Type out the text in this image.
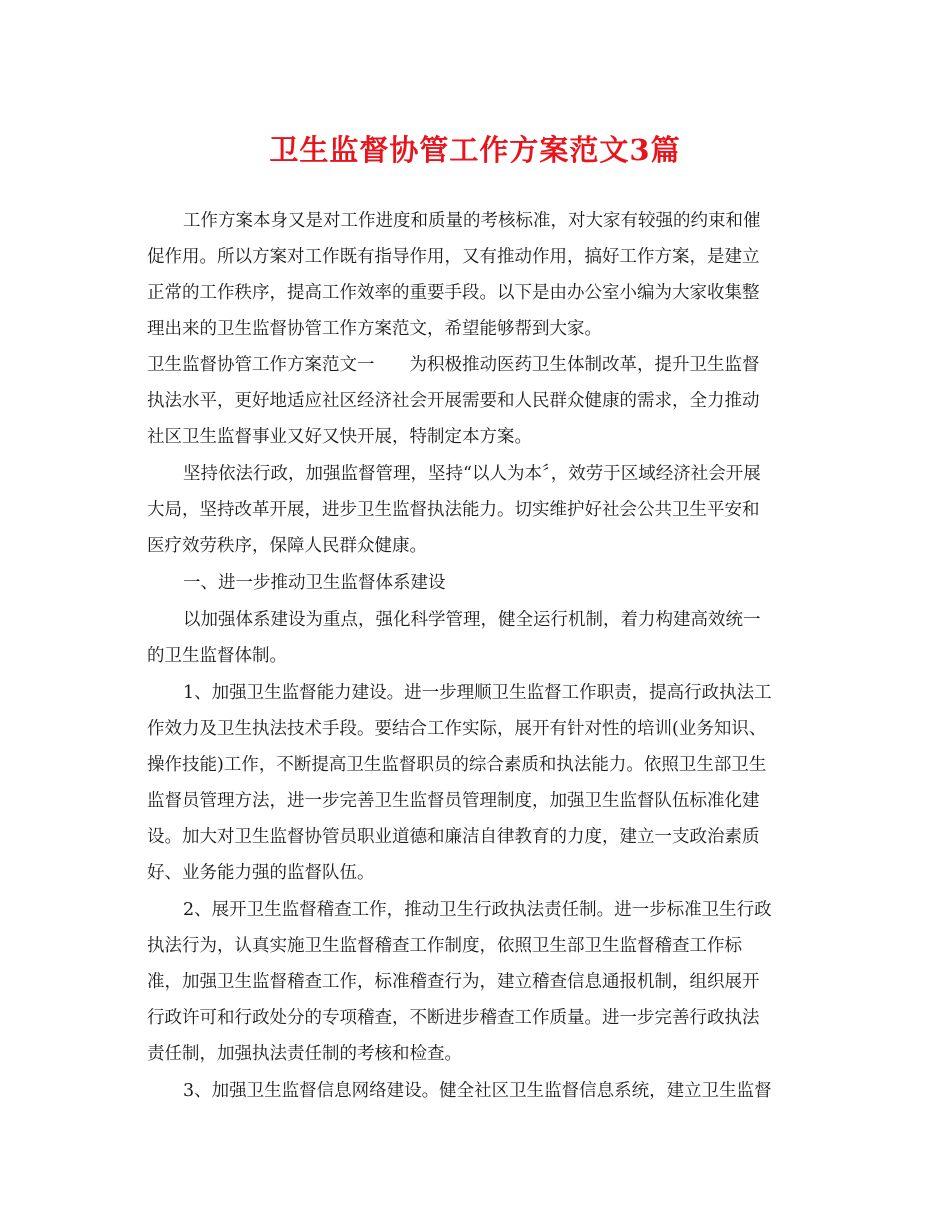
卫生监督协管工作方案范文3篇
工作方案本身又是对工作进度和质量的考核标准，对大家有较强的约束和催
促作用。所以方案对工作既有指导作用，又有推动作用，搞好工作方案，是建立
正常的工作秩序，提高工作效率的重要手段。以下是由办公室小编为大家收集整
理出来的卫生监督协管工作方案范文，希望能够帮到大家。
卫生监督协管工作方案范文一　　为积极推动医药卫生体制改革，提升卫生监督
执法水平，更好地适应社区经济社会开展需要和人民群众健康的需求，全力推动
社区卫生监督事业又好又快开展，特制定本方案。
坚持依法行政，加强监督管理，坚持“以人为本〞，效劳于区域经济社会开展
大局，坚持改革开展，进步卫生监督执法能力。切实维护好社会公共卫生平安和
医疗效劳秩序，保障人民群众健康。
一、进一步推动卫生监督体系建设
以加强体系建设为重点，强化科学管理，健全运行机制，着力构建高效统一
的卫生监督体制。
1、加强卫生监督能力建设。进一步理顺卫生监督工作职责，提高行政执法工
作效力及卫生执法技术手段。要结合工作实际，展开有针对性的培训(业务知识、
操作技能)工作，不断提高卫生监督职员的综合素质和执法能力。依照卫生部卫生
监督员管理方法，进一步完善卫生监督员管理制度，加强卫生监督队伍标准化建
设。加大对卫生监督协管员职业道德和廉洁自律教育的力度，建立一支政治素质
好、业务能力强的监督队伍。
2、展开卫生监督稽查工作，推动卫生行政执法责任制。进一步标准卫生行政
执法行为，认真实施卫生监督稽查工作制度，依照卫生部卫生监督稽查工作标
准，加强卫生监督稽查工作，标准稽查行为，建立稽查信息通报机制，组织展开
行政许可和行政处分的专项稽查，不断进步稽查工作质量。进一步完善行政执法
责任制，加强执法责任制的考核和检查。
3、加强卫生监督信息网络建设。健全社区卫生监督信息系统，建立卫生监督
